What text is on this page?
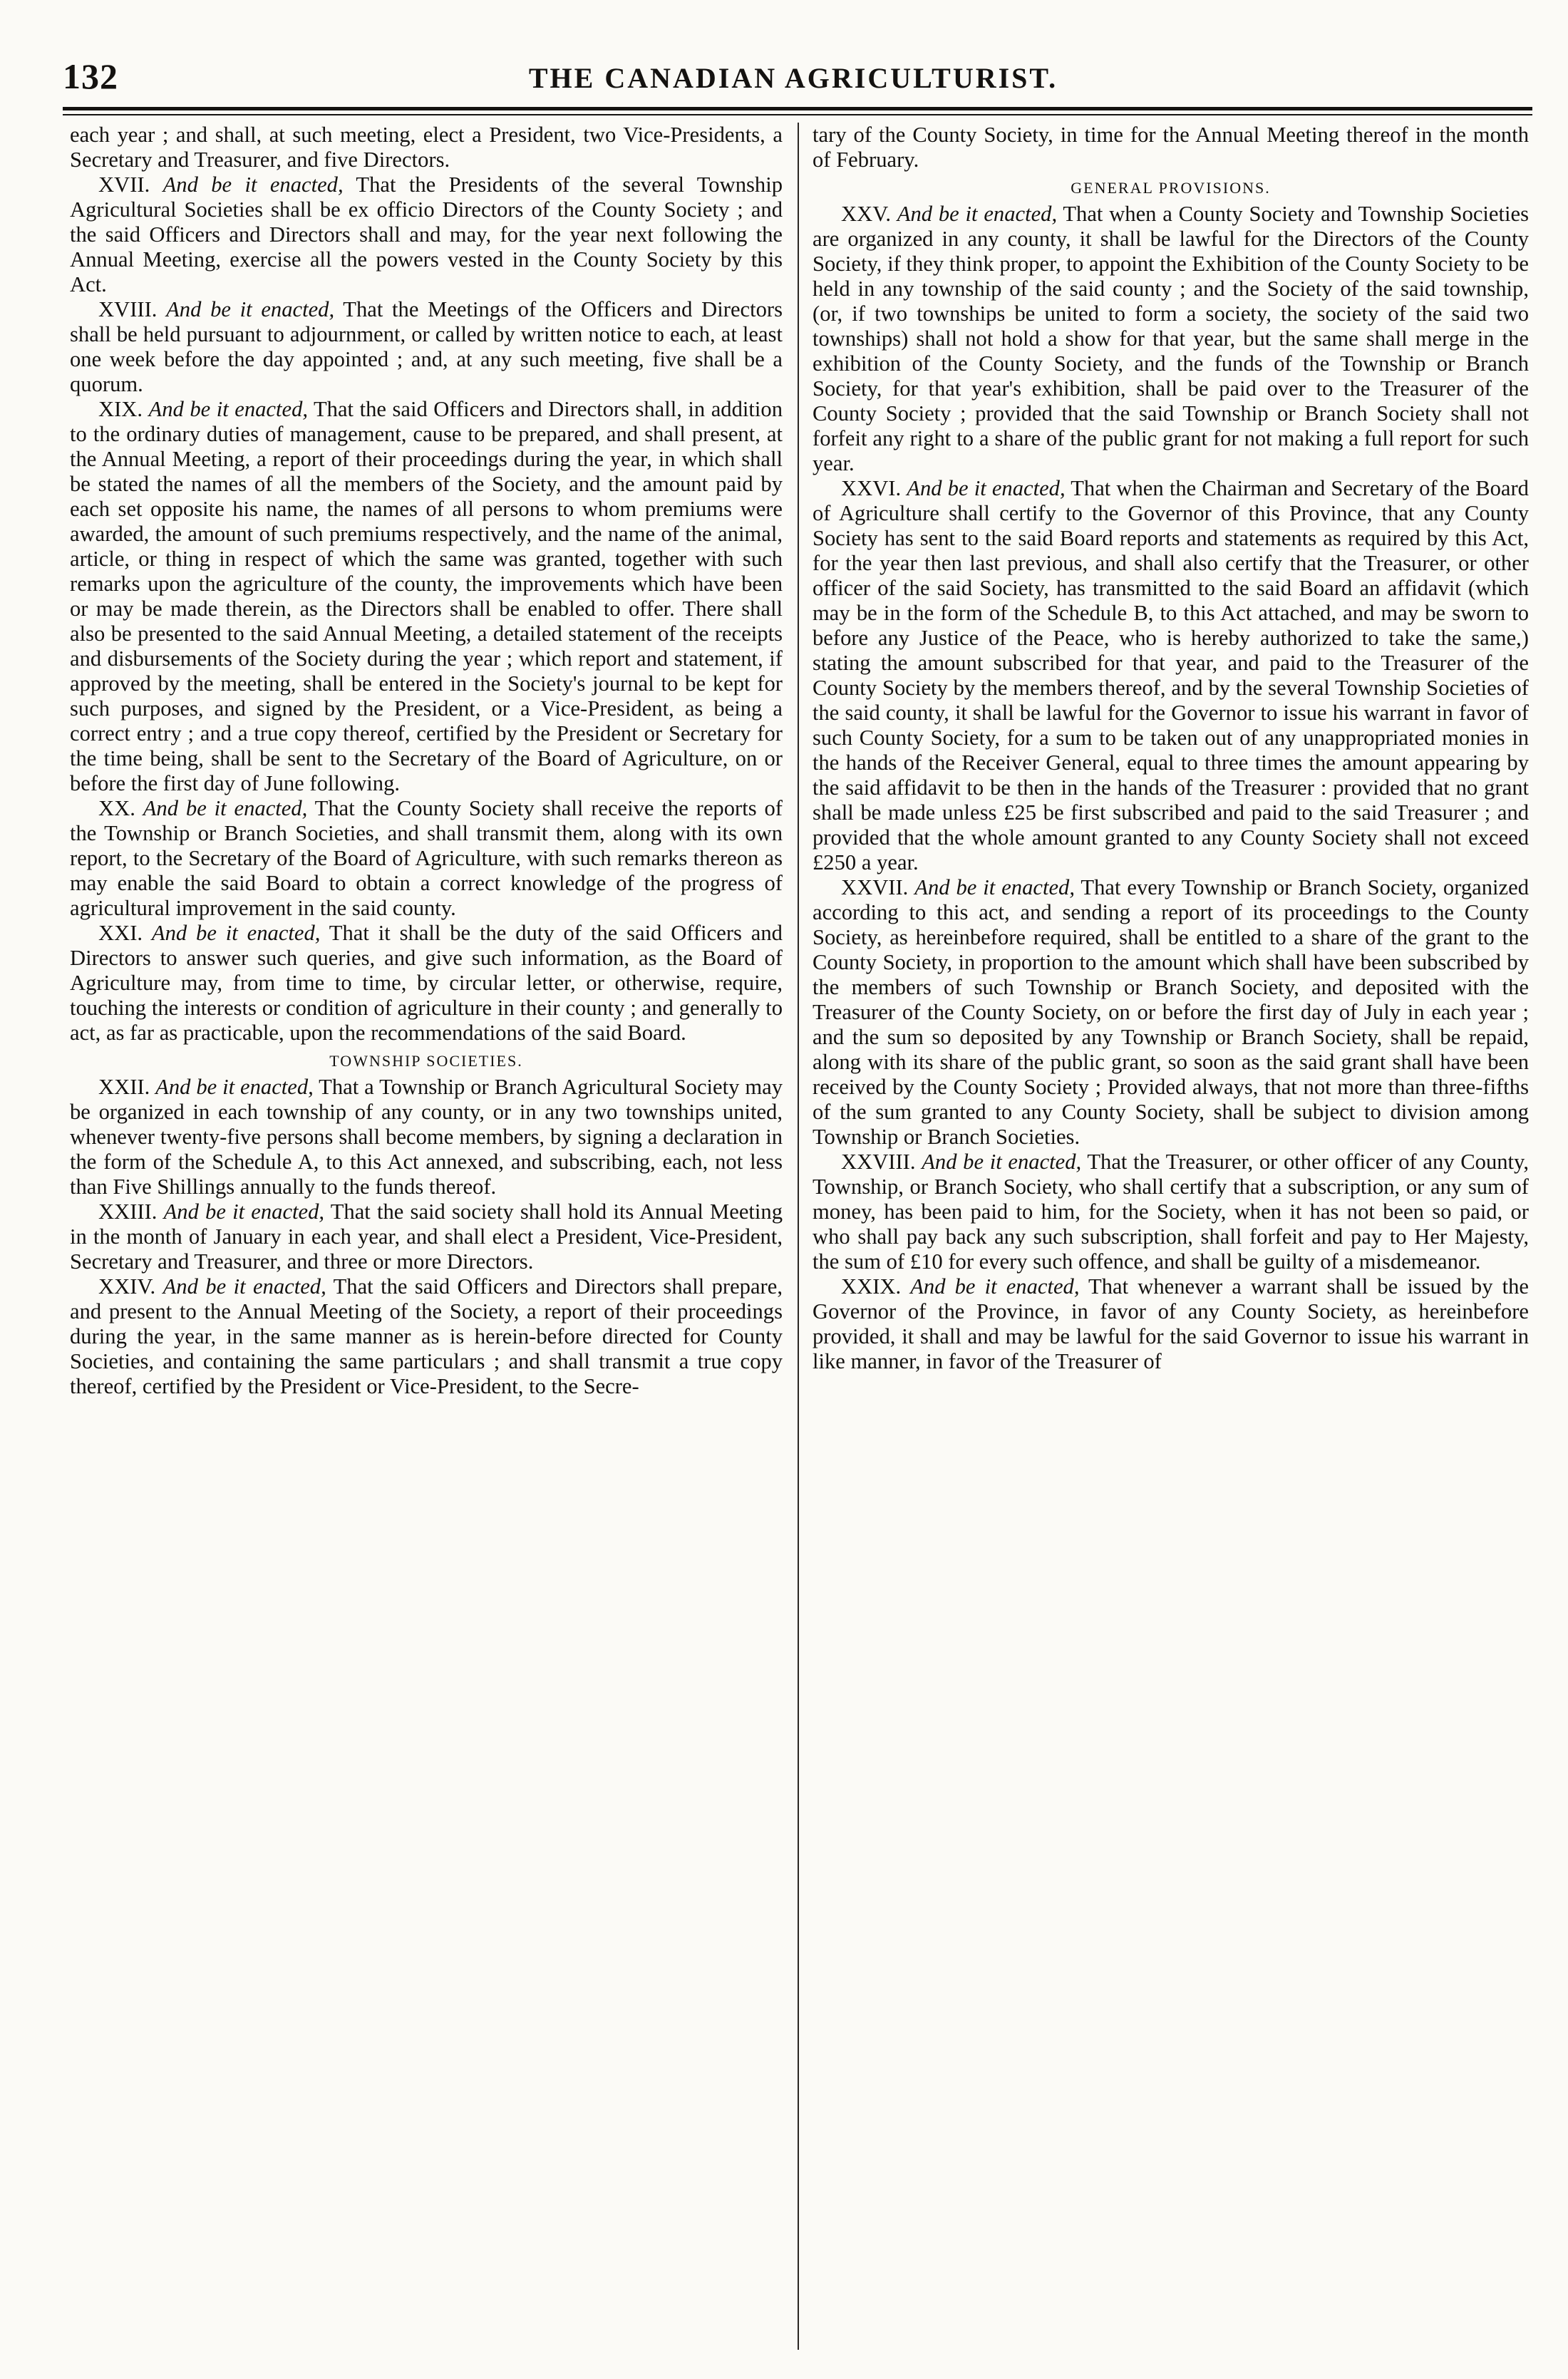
132	THE CANADIAN AGRICULTURIST.

each year ; and shall, at such meeting, elect a President, two Vice-Presidents, a Secretary and Treasurer, and five Directors.

XVII. And be it enacted, That the Presidents of the several Township Agricultural Societies shall be ex officio Directors of the County Society ; and the said Officers and Directors shall and may, for the year next following the Annual Meeting, exercise all the powers vested in the County Society by this Act.

XVIII. And be it enacted, That the Meetings of the Officers and Directors shall be held pursuant to adjournment, or called by written notice to each, at least one week before the day appointed ; and, at any such meeting, five shall be a quorum.

XIX. And be it enacted, That the said Officers and Directors shall, in addition to the ordinary duties of management, cause to be prepared, and shall present, at the Annual Meeting, a report of their proceedings during the year, in which shall be stated the names of all the members of the Society, and the amount paid by each set opposite his name, the names of all persons to whom premiums were awarded, the amount of such premiums respectively, and the name of the animal, article, or thing in respect of which the same was granted, together with such remarks upon the agriculture of the county, the improvements which have been or may be made therein, as the Directors shall be enabled to offer. There shall also be presented to the said Annual Meeting, a detailed statement of the receipts and disbursements of the Society during the year ; which report and statement, if approved by the meeting, shall be entered in the Society's journal to be kept for such purposes, and signed by the President, or a Vice-President, as being a correct entry ; and a true copy thereof, certified by the President or Secretary for the time being, shall be sent to the Secretary of the Board of Agriculture, on or before the first day of June following.

XX. And be it enacted, That the County Society shall receive the reports of the Township or Branch Societies, and shall transmit them, along with its own report, to the Secretary of the Board of Agriculture, with such remarks thereon as may enable the said Board to obtain a correct knowledge of the progress of agricultural improvement in the said county.

XXI. And be it enacted, That it shall be the duty of the said Officers and Directors to answer such queries, and give such information, as the Board of Agriculture may, from time to time, by circular letter, or otherwise, require, touching the interests or condition of agriculture in their county ; and generally to act, as far as practicable, upon the recommendations of the said Board.

TOWNSHIP SOCIETIES.

XXII. And be it enacted, That a Township or Branch Agricultural Society may be organized in each township of any county, or in any two townships united, whenever twenty-five persons shall become members, by signing a declaration in the form of the Schedule A, to this Act annexed, and subscribing, each, not less than Five Shillings annually to the funds thereof.

XXIII. And be it enacted, That the said society shall hold its Annual Meeting in the month of January in each year, and shall elect a President, Vice-President, Secretary and Treasurer, and three or more Directors.

XXIV. And be it enacted, That the said Officers and Directors shall prepare, and present to the Annual Meeting of the Society, a report of their proceedings during the year, in the same manner as is herein-before directed for County Societies, and containing the same particulars ; and shall transmit a true copy thereof, certified by the President or Vice-President, to the Secre-

tary of the County Society, in time for the Annual Meeting thereof in the month of February.

GENERAL PROVISIONS.

XXV. And be it enacted, That when a County Society and Township Societies are organized in any county, it shall be lawful for the Directors of the County Society, if they think proper, to appoint the Exhibition of the County Society to be held in any township of the said county ; and the Society of the said township, (or, if two townships be united to form a society, the society of the said two townships) shall not hold a show for that year, but the same shall merge in the exhibition of the County Society, and the funds of the Township or Branch Society, for that year's exhibition, shall be paid over to the Treasurer of the County Society ; provided that the said Township or Branch Society shall not forfeit any right to a share of the public grant for not making a full report for such year.

XXVI. And be it enacted, That when the Chairman and Secretary of the Board of Agriculture shall certify to the Governor of this Province, that any County Society has sent to the said Board reports and statements as required by this Act, for the year then last previous, and shall also certify that the Treasurer, or other officer of the said Society, has transmitted to the said Board an affidavit (which may be in the form of the Schedule B, to this Act attached, and may be sworn to before any Justice of the Peace, who is hereby authorized to take the same,) stating the amount subscribed for that year, and paid to the Treasurer of the County Society by the members thereof, and by the several Township Societies of the said county, it shall be lawful for the Governor to issue his warrant in favor of such County Society, for a sum to be taken out of any unappropriated monies in the hands of the Receiver General, equal to three times the amount appearing by the said affidavit to be then in the hands of the Treasurer : provided that no grant shall be made unless £25 be first subscribed and paid to the said Treasurer ; and provided that the whole amount granted to any County Society shall not exceed £250 a year.

XXVII. And be it enacted, That every Township or Branch Society, organized according to this act, and sending a report of its proceedings to the County Society, as hereinbefore required, shall be entitled to a share of the grant to the County Society, in proportion to the amount which shall have been subscribed by the members of such Township or Branch Society, and deposited with the Treasurer of the County Society, on or before the first day of July in each year ; and the sum so deposited by any Township or Branch Society, shall be repaid, along with its share of the public grant, so soon as the said grant shall have been received by the County Society ; Provided always, that not more than three-fifths of the sum granted to any County Society, shall be subject to division among Township or Branch Societies.

XXVIII. And be it enacted, That the Treasurer, or other officer of any County, Township, or Branch Society, who shall certify that a subscription, or any sum of money, has been paid to him, for the Society, when it has not been so paid, or who shall pay back any such subscription, shall forfeit and pay to Her Majesty, the sum of £10 for every such offence, and shall be guilty of a misdemeanor.

XXIX. And be it enacted, That whenever a warrant shall be issued by the Governor of the Province, in favor of any County Society, as hereinbefore provided, it shall and may be lawful for the said Governor to issue his warrant in like manner, in favor of the Treasurer of
